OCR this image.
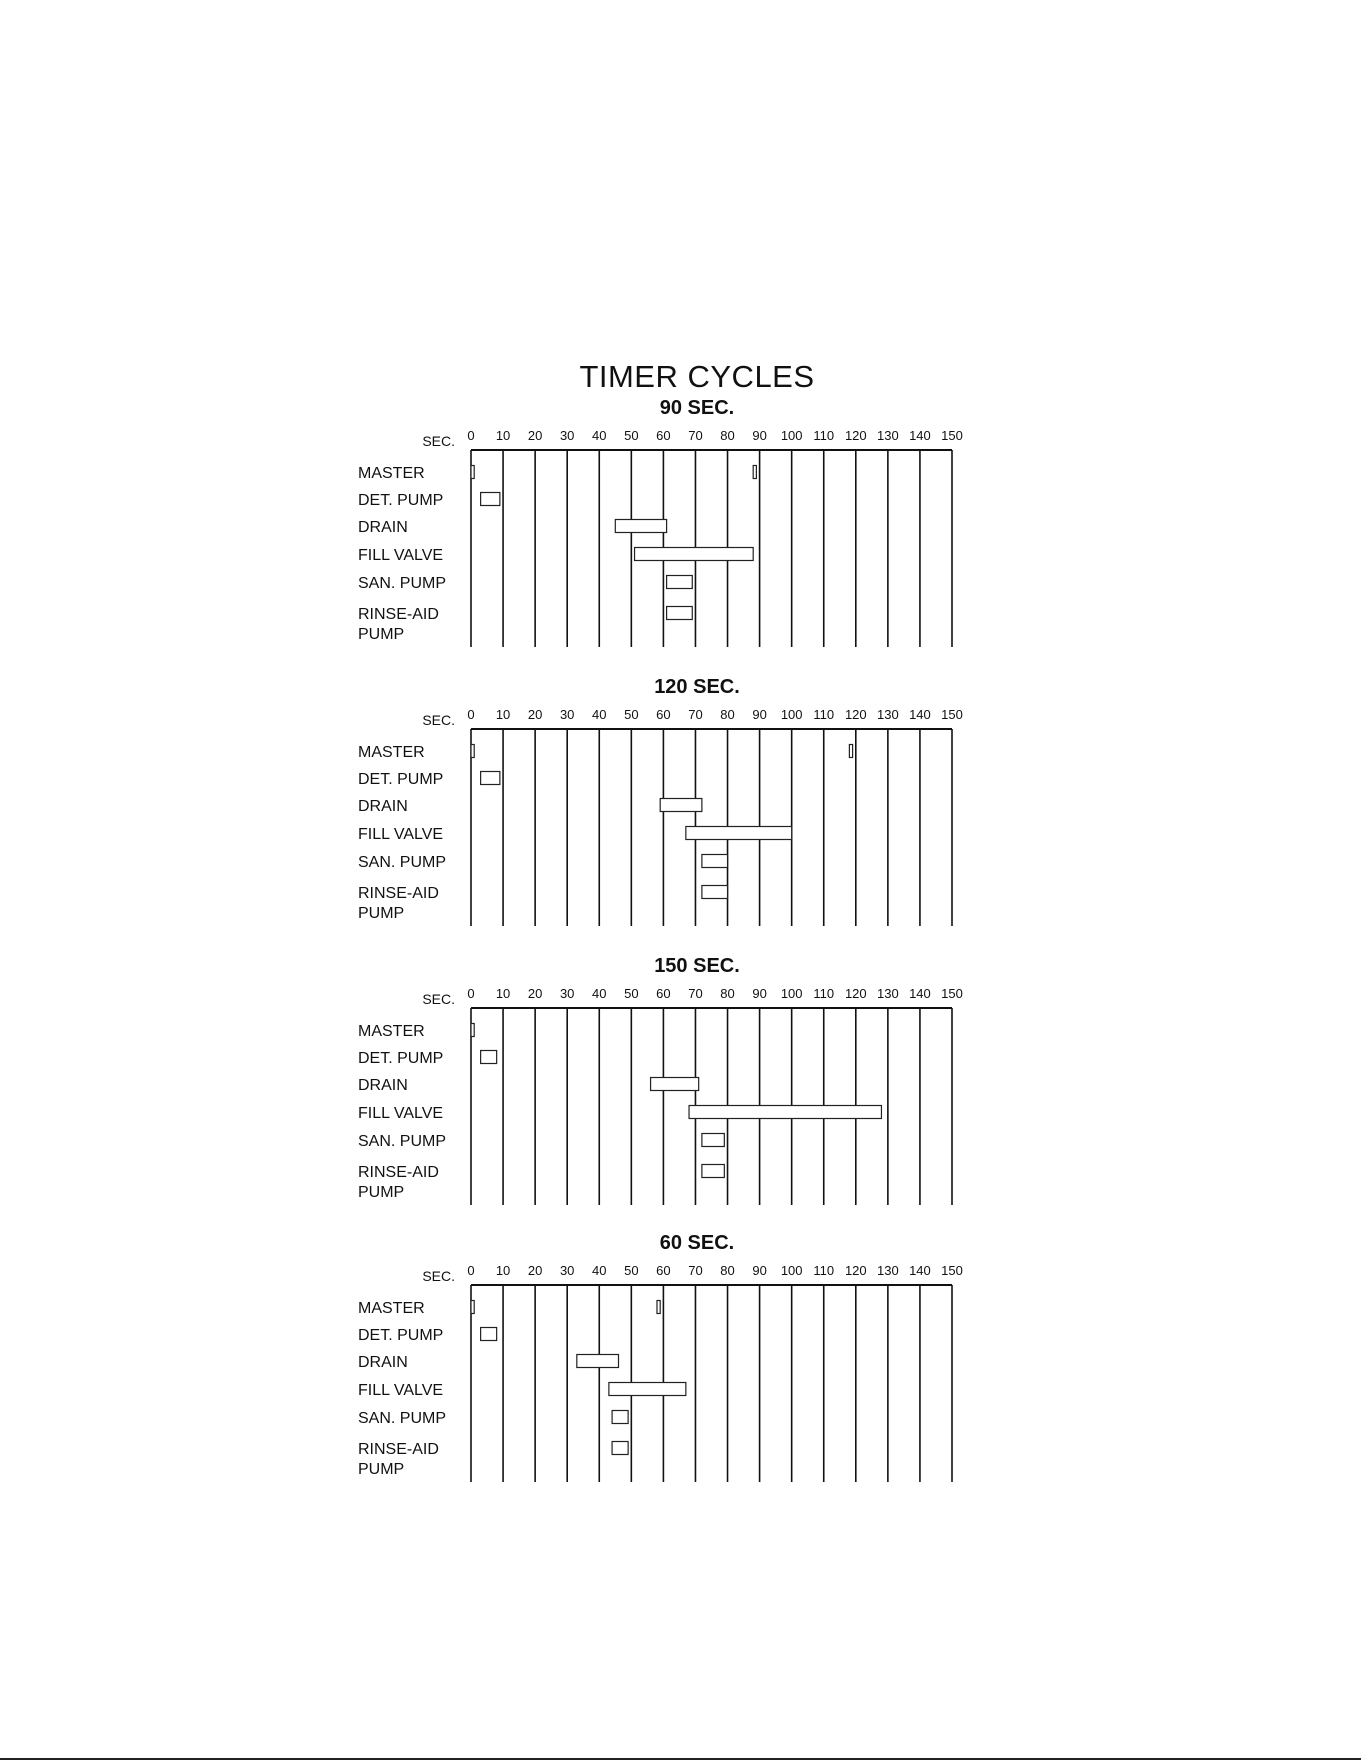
TIMER CYCLES
90 SEC.
SEC. 0 10 20 30 40 50 60 70 80 90 100 110 120 130 140 150
MASTER
DET. PUMP
DRAIN
FILL VALVE
SAN. PUMP
RINSE-AID PUMP
120 SEC.
SEC. 0 10 20 30 40 50 60 70 80 90 100 110 120 130 140 150
MASTER
DET. PUMP
DRAIN
FILL VALVE
SAN. PUMP
RINSE-AID PUMP
150 SEC.
SEC. 0 10 20 30 40 50 60 70 80 90 100 110 120 130 140 150
MASTER
DET. PUMP
DRAIN
FILL VALVE
SAN. PUMP
RINSE-AID PUMP
60 SEC.
SEC. 0 10 20 30 40 50 60 70 80 90 100 110 120 130 140 150
MASTER
DET. PUMP
DRAIN
FILL VALVE
SAN. PUMP
RINSE-AID PUMP
